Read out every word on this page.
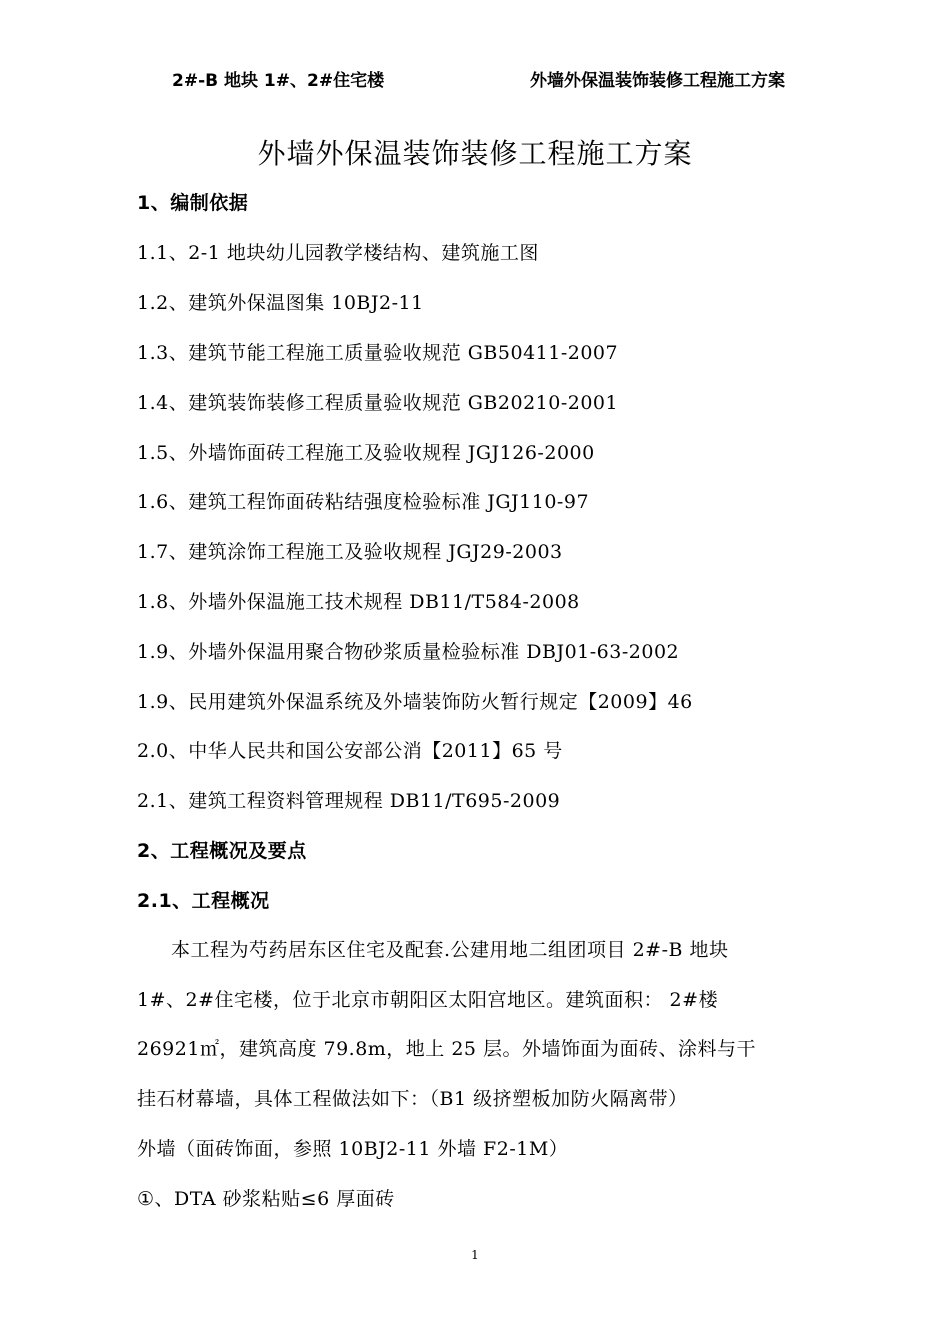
2#-B 地块 1#、2#住宅楼	外墙外保温装饰装修工程施工方案
外墙外保温装饰装修工程施工方案
1、编制依据
1.1、2-1 地块幼儿园教学楼结构、建筑施工图
1.2、建筑外保温图集 10BJ2-11
1.3、建筑节能工程施工质量验收规范 GB50411-2007
1.4、建筑装饰装修工程质量验收规范 GB20210-2001
1.5、外墙饰面砖工程施工及验收规程 JGJ126-2000
1.6、建筑工程饰面砖粘结强度检验标准 JGJ110-97
1.7、建筑涂饰工程施工及验收规程 JGJ29-2003
1.8、外墙外保温施工技术规程 DB11/T584-2008
1.9、外墙外保温用聚合物砂浆质量检验标准 DBJ01-63-2002
1.9、民用建筑外保温系统及外墙装饰防火暂行规定【2009】46
2.0、中华人民共和国公安部公消【2011】65 号
2.1、建筑工程资料管理规程 DB11/T695-2009
2、工程概况及要点
2.1、工程概况
本工程为芍药居东区住宅及配套.公建用地二组团项目 2#-B 地块
1#、2#住宅楼，位于北京市朝阳区太阳宫地区。建筑面积： 2#楼
26921㎡，建筑高度 79.8m，地上 25 层。外墙饰面为面砖、涂料与干
挂石材幕墙，具体工程做法如下：（B1 级挤塑板加防火隔离带）
外墙（面砖饰面，参照 10BJ2-11 外墙 F2-1M）
①、DTA 砂浆粘贴≤6 厚面砖
1
